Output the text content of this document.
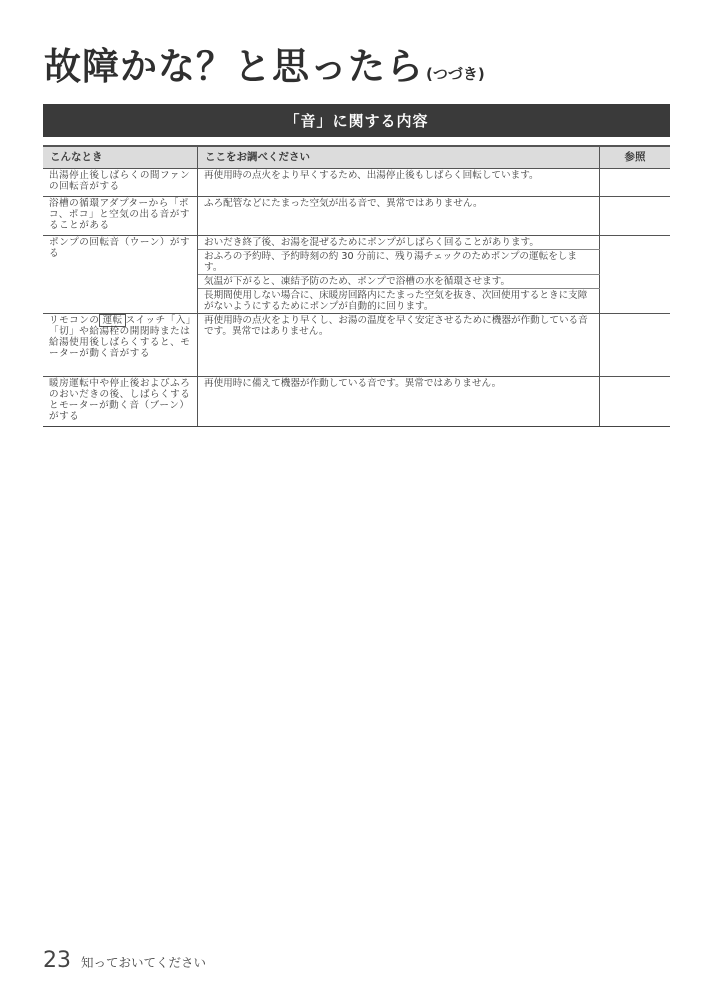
故障かな？と思ったら (つづき)
「音」に関する内容
こんなとき	ここをお調べください	参照
出湯停止後しばらくの間ファンの回転音がする	再使用時の点火をより早くするため、出湯停止後もしばらく回転しています。	
浴槽の循環アダプターから「ポコ、ポコ」と空気の出る音がすることがある	ふろ配管などにたまった空気が出る音で、異常ではありません。	
ポンプの回転音（ウーン）がする	おいだき終了後、お湯を混ぜるためにポンプがしばらく回ることがあります。	
	おふろの予約時、予約時刻の約 30 分前に、残り湯チェックのためポンプの運転をします。	
	気温が下がると、凍結予防のため、ポンプで浴槽の水を循環させます。	
	長期間使用しない場合に、床暖房回路内にたまった空気を抜き、次回使用するときに支障がないようにするためにポンプが自動的に回ります。	
リモコンの 運転 スイッチ「入」「切」や給湯栓の開閉時または給湯使用後しばらくすると、モーターが動く音がする	再使用時の点火をより早くし、お湯の温度を早く安定させるために機器が作動している音です。異常ではありません。	
暖房運転中や停止後およびふろのおいだきの後、しばらくするとモーターが動く音（ブーン）がする	再使用時に備えて機器が作動している音です。異常ではありません。	
23 知っておいてください
